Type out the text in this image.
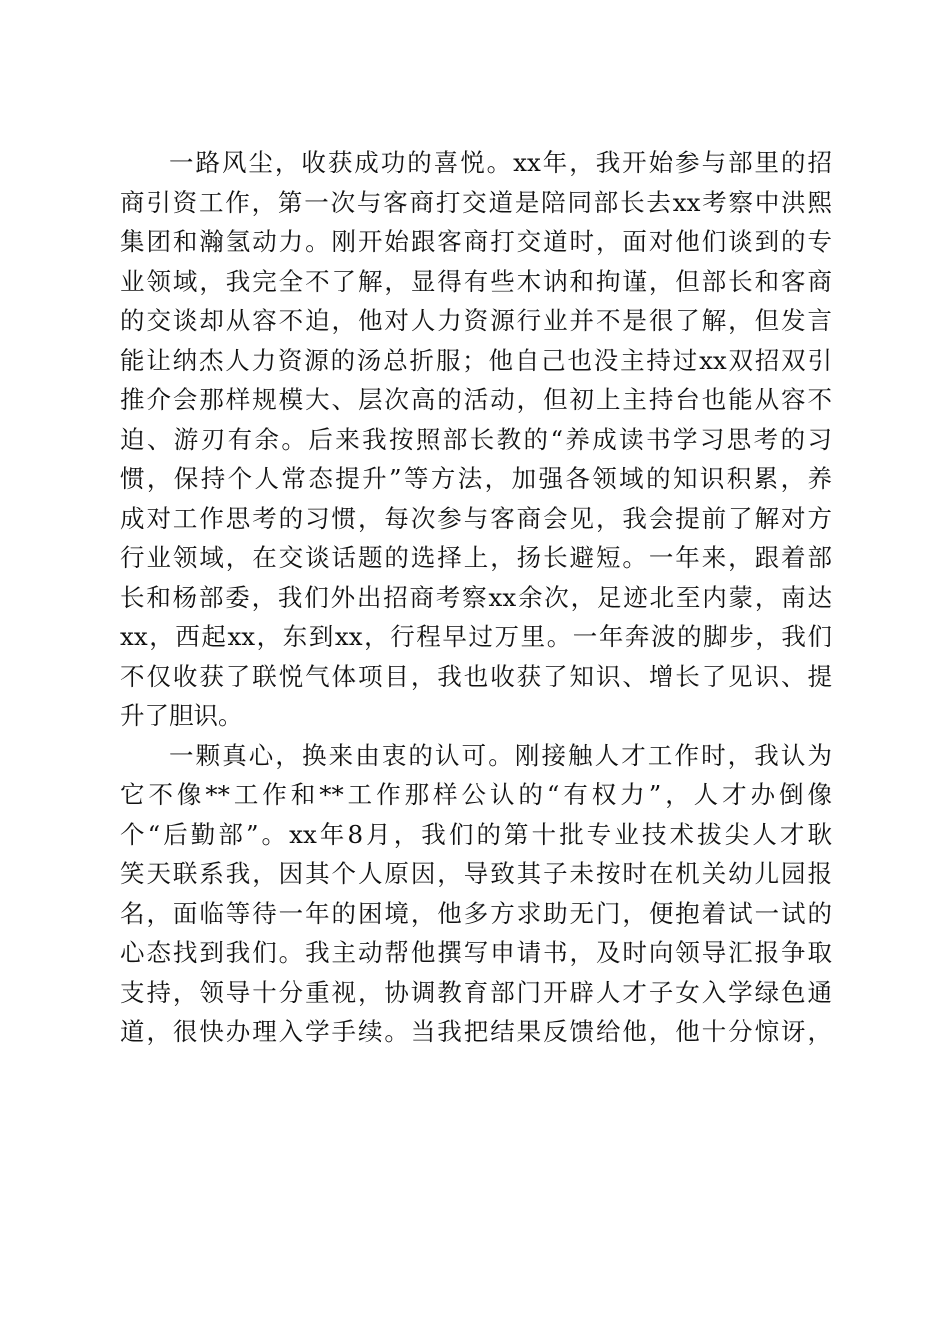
一路风尘，收获成功的喜悦。xx年，我开始参与部里的招
商引资工作，第一次与客商打交道是陪同部长去xx考察中洪熙
集团和瀚氢动力。刚开始跟客商打交道时，面对他们谈到的专
业领域，我完全不了解，显得有些木讷和拘谨，但部长和客商
的交谈却从容不迫，他对人力资源行业并不是很了解，但发言
能让纳杰人力资源的汤总折服；他自己也没主持过xx双招双引
推介会那样规模大、层次高的活动，但初上主持台也能从容不
迫、游刃有余。后来我按照部长教的“养成读书学习思考的习
惯，保持个人常态提升”等方法，加强各领域的知识积累，养
成对工作思考的习惯，每次参与客商会见，我会提前了解对方
行业领域，在交谈话题的选择上，扬长避短。一年来，跟着部
长和杨部委，我们外出招商考察xx余次，足迹北至内蒙，南达
xx，西起xx，东到xx，行程早过万里。一年奔波的脚步，我们
不仅收获了联悦气体项目，我也收获了知识、增长了见识、提
升了胆识。
一颗真心，换来由衷的认可。刚接触人才工作时，我认为
它不像**工作和**工作那样公认的“有权力”，人才办倒像
个“后勤部”。xx年8月，我们的第十批专业技术拔尖人才耿
笑天联系我，因其个人原因，导致其子未按时在机关幼儿园报
名，面临等待一年的困境，他多方求助无门，便抱着试一试的
心态找到我们。我主动帮他撰写申请书，及时向领导汇报争取
支持，领导十分重视，协调教育部门开辟人才子女入学绿色通
道，很快办理入学手续。当我把结果反馈给他，他十分惊讶，
